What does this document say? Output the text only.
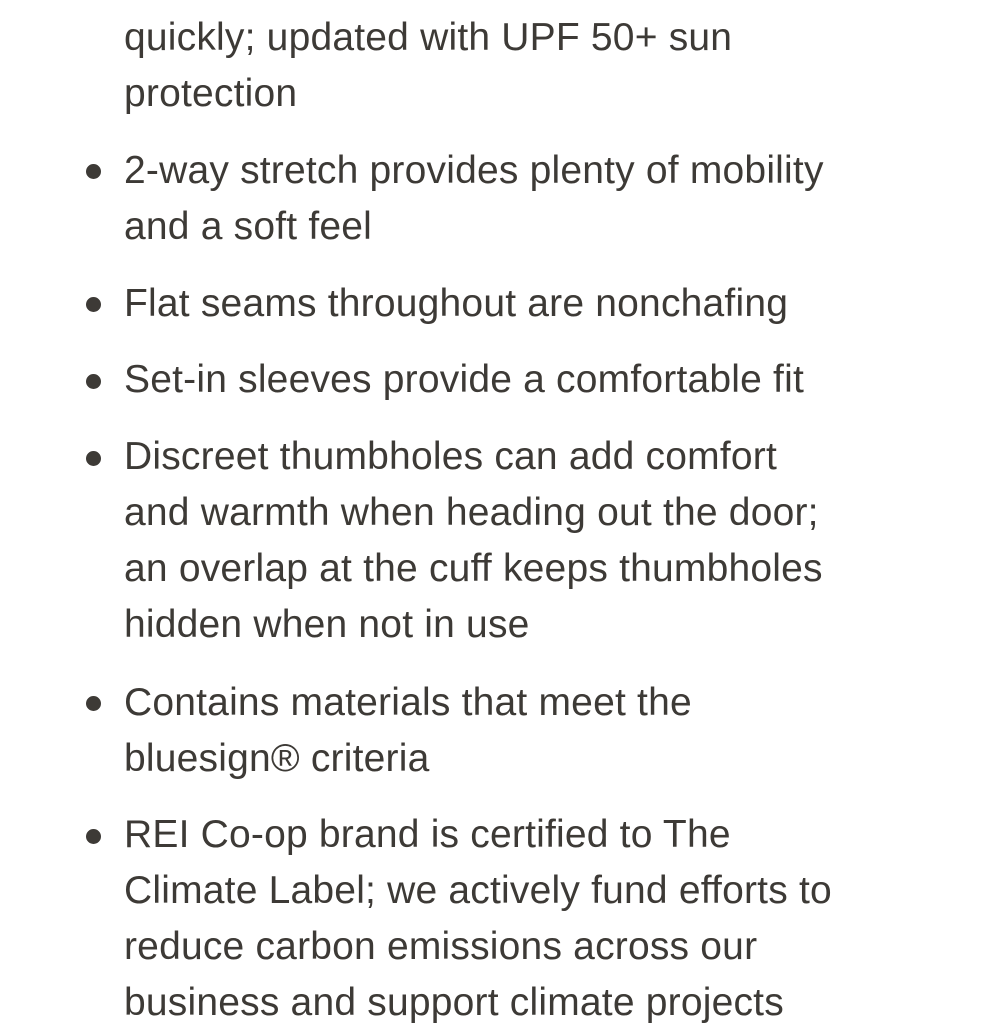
quickly; updated with UPF 50+ sun
protection
2-way stretch provides plenty of mobility
and a soft feel
Flat seams throughout are nonchafing
Set-in sleeves provide a comfortable fit
Discreet thumbholes can add comfort
and warmth when heading out the door;
an overlap at the cuff keeps thumbholes
hidden when not in use
Contains materials that meet the
bluesign® criteria
REI Co-op brand is certified to The
Climate Label; we actively fund efforts to
reduce carbon emissions across our
business and support climate projects
